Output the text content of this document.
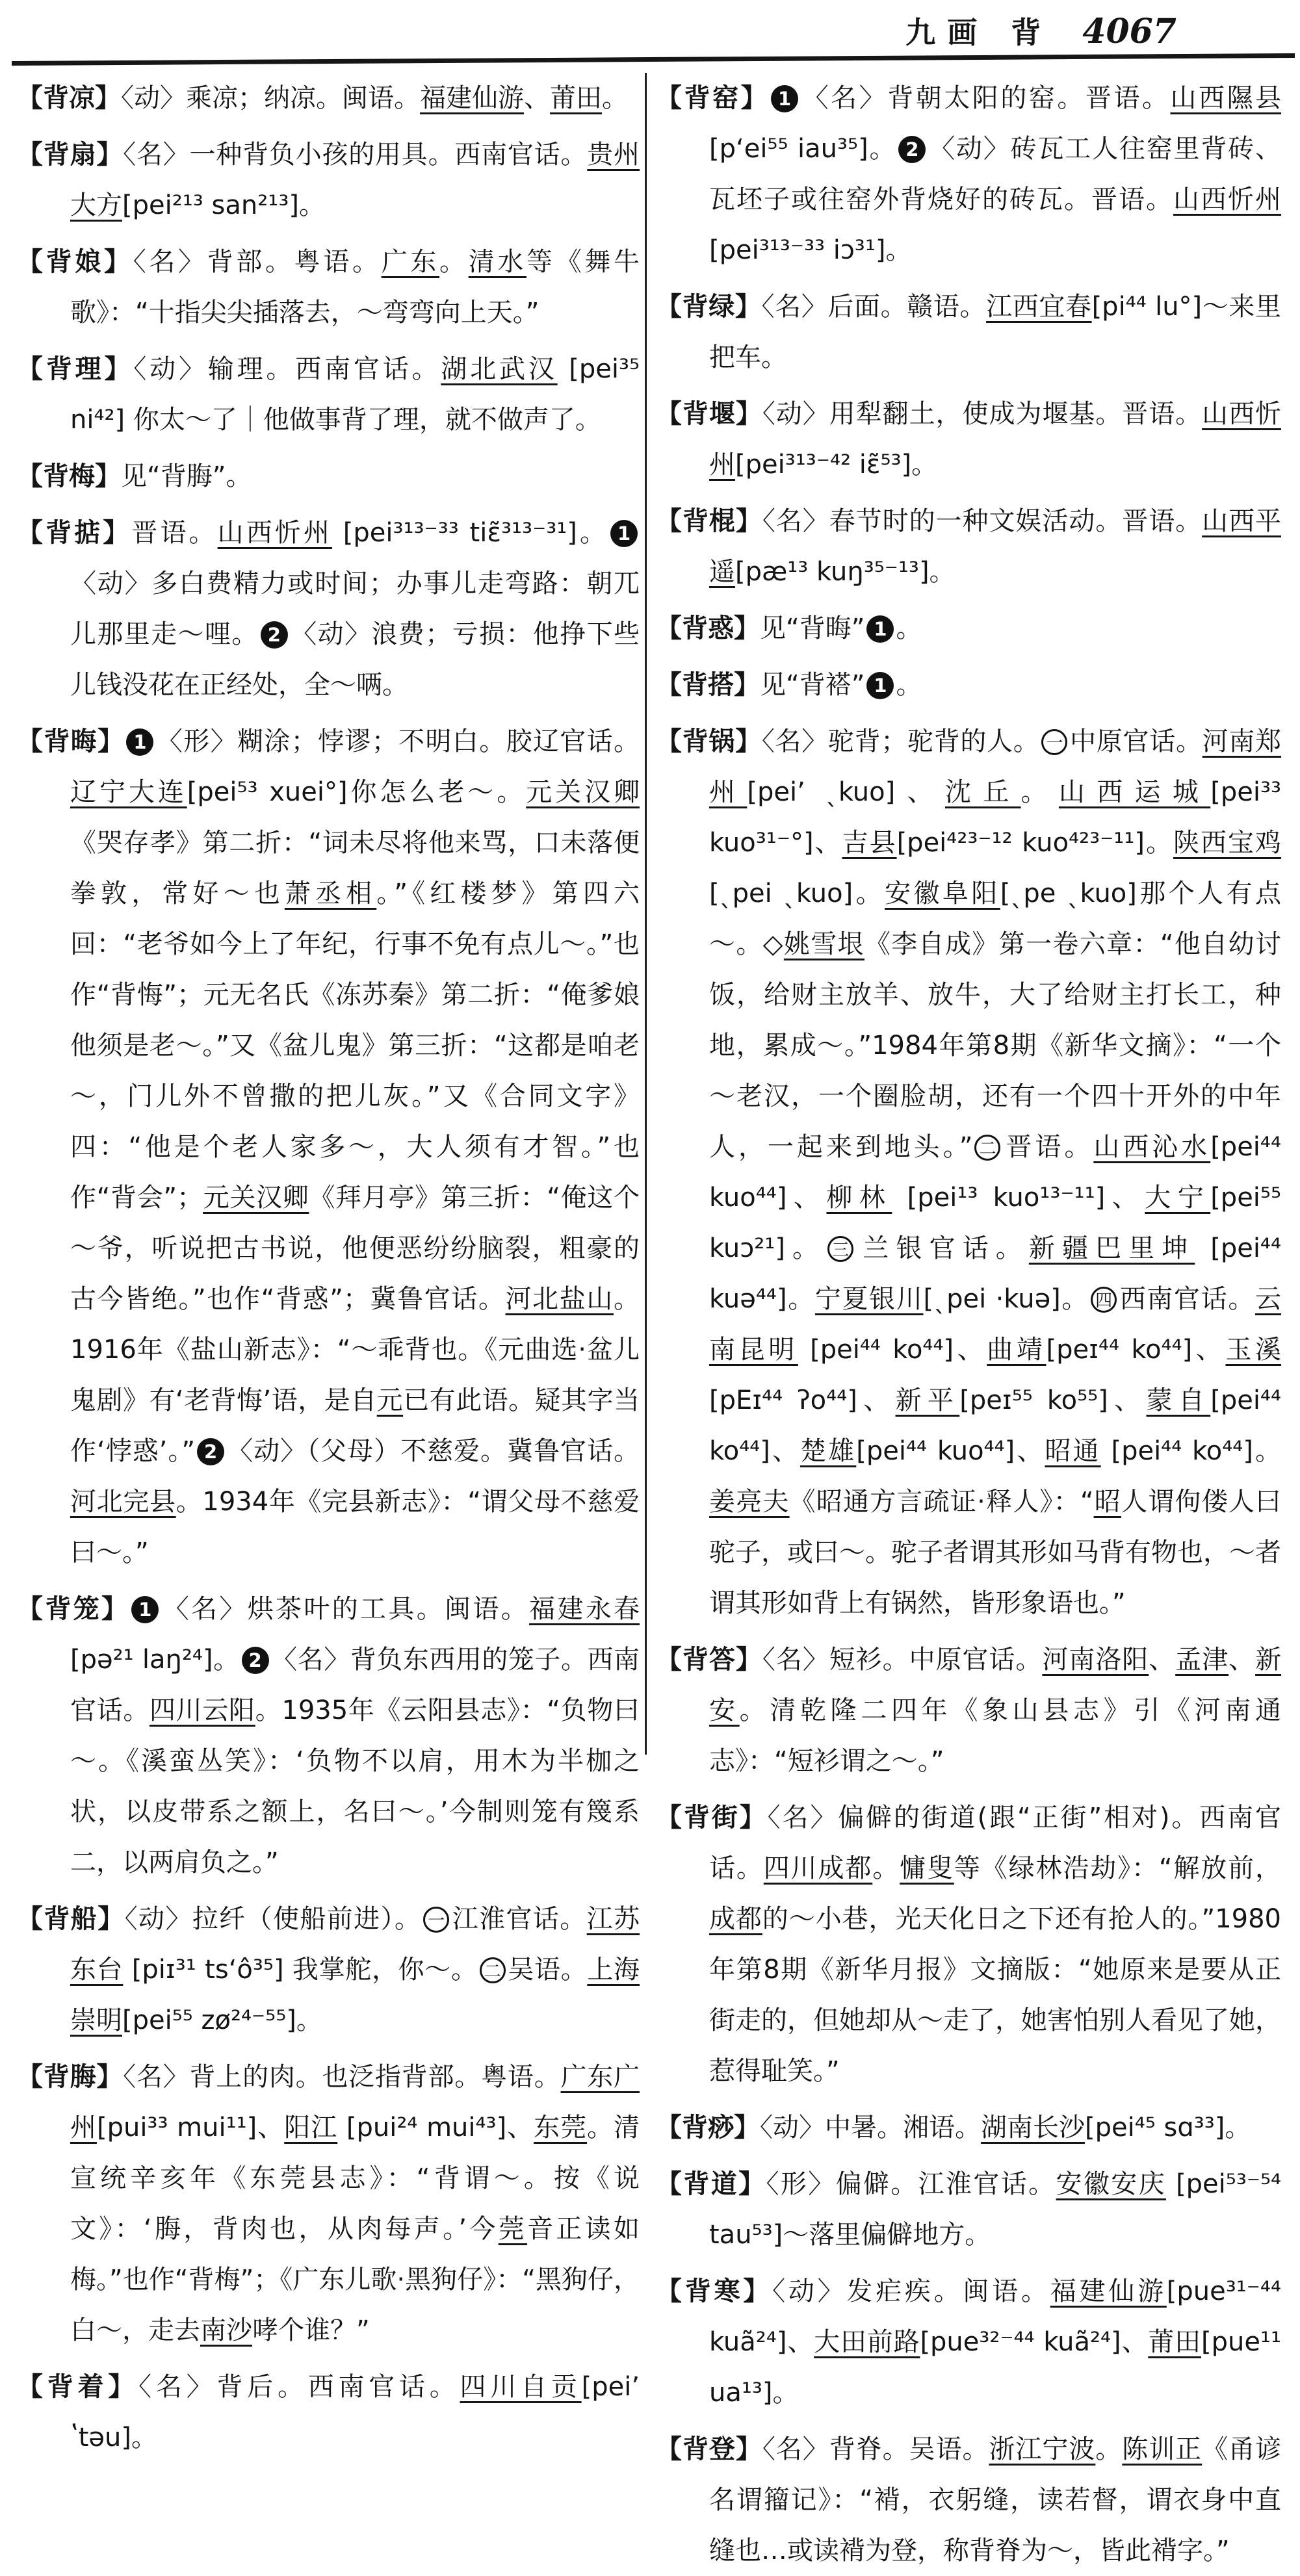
九画 背 4067

【 背凉 】 〈动〉乘凉；纳凉。闽语。福建仙游、莆田。

【 背扇 】 〈名〉一种背负小孩的用具。西南官话。贵州大方[pei²¹³ san²¹³]。

【 背娘 】 〈名〉背部。粤语。广东。清水等《舞牛歌》：“十指尖尖插落去，～弯弯向上天。”

【 背理 】 〈动〉输理。西南官话。湖北武汉 [pei³⁵ ni⁴²] 你太～了｜他做事背了理，就不做声了。

【 背梅 】 见“背脢”。

【 背掂 】 晋语。山西忻州 [pei³¹³⁻³³ tiɛ̃³¹³⁻³¹]。 1〈动〉多白费精力或时间；办事儿走弯路：朝兀儿那里走～哩。 2 〈动〉浪费；亏损：他挣下些儿钱没花在正经处，全～唡。

【 背晦 】 1 〈形〉糊涂；悖谬；不明白。胶辽官话。辽宁大连[pei⁵³ xuei°]你怎么老～。元关汉卿《哭存孝》第二折：“词未尽将他来骂，口未落便拳敦，常好～也萧丞相。”《红楼梦》第四六回：“老爷如今上了年纪，行事不免有点儿～。”也作“背悔”；元无名氏《冻苏秦》第二折：“俺爹娘他须是老～。”又《盆儿鬼》第三折：“这都是咱老～，门儿外不曾撒的把儿灰。”又《合同文字》四：“他是个老人家多～，大人须有才智。”也作“背会”；元关汉卿《拜月亭》第三折：“俺这个～爷，听说把古书说，他便恶纷纷脑裂，粗豪的古今皆绝。”也作“背惑”；冀鲁官话。河北盐山。1916年《盐山新志》：“～乖背也。《元曲选·盆儿鬼剧》有‘老背悔’语，是自元已有此语。疑其字当作‘悖惑’。” 2 〈动〉（父母）不慈爱。冀鲁官话。河北完县。1934年《完县新志》：“谓父母不慈爱曰～。”

【 背笼 】 1 〈名〉烘茶叶的工具。闽语。福建永春 [pə²¹ laŋ²⁴]。 2 〈名〉背负东西用的笼子。西南官话。四川云阳。1935年《云阳县志》：“负物曰～。《溪蛮丛笑》：‘负物不以肩，用木为半枷之状，以皮带系之额上，名曰～。’今制则笼有篾系二，以两肩负之。”

【 背船 】 〈动〉拉纤（使船前进）。 一 江淮官话。江苏东台 [piɪ³¹ ts‘ô³⁵] 我掌舵，你～。 二 吴语。上海崇明[pei⁵⁵ zø²⁴⁻⁵⁵]。

【 背脢 】 〈名〉背上的肉。也泛指背部。粤语。广东广州[pui³³ mui¹¹]、阳江 [pui²⁴ mui⁴³]、东莞。清宣统辛亥年《东莞县志》：“背谓～。按《说文》：‘脢，背肉也，从肉每声。’今莞音正读如梅。”也作“背梅”；《广东儿歌·黑狗仔》：“黑狗仔，白～，走去南沙哮个谁？”

【 背着 】 〈名〉背后。西南官话。四川自贡[peiʼ ʽtəu]。

【 背窑 】 1 〈名〉背朝太阳的窑。晋语。山西隰县 [p‘ei⁵⁵ iau³⁵]。 2 〈动〉砖瓦工人往窑里背砖、瓦坯子或往窑外背烧好的砖瓦。晋语。山西忻州[pei³¹³⁻³³ iɔ³¹]。

【 背绿 】 〈名〉后面。赣语。江西宜春[pi⁴⁴ lu°]～来里把车。

【 背堰 】 〈动〉用犁翻土，使成为堰基。晋语。山西忻州[pei³¹³⁻⁴² iɛ̃⁵³]。

【 背棍 】 〈名〉春节时的一种文娱活动。晋语。山西平遥[pæ¹³ kuŋ³⁵⁻¹³]。

【 背惑 】 见“背晦” 1 。

【 背搭 】 见“背褡” 1 。

【 背锅 】 〈名〉驼背；驼背的人。 一 中原官话。河南郑州[peiʼ ˎkuo]、沈丘。山西运城[pei³³ kuo³¹⁻°]、吉县[pei⁴²³⁻¹² kuo⁴²³⁻¹¹]。陕西宝鸡[ˎpei ˎkuo]。安徽阜阳[ˎpe ˎkuo]那个人有点～。◇姚雪垠《李自成》第一卷六章：“他自幼讨饭，给财主放羊、放牛，大了给财主打长工，种地，累成～。”1984年第8期《新华文摘》：“一个～老汉，一个圈脸胡，还有一个四十开外的中年人，一起来到地头。” 二 晋语。山西沁水[pei⁴⁴ kuo⁴⁴]、柳林 [pei¹³ kuo¹³⁻¹¹]、大宁[pei⁵⁵ kuɔ²¹]。 三 兰银官话。新疆巴里坤 [pei⁴⁴ kuə⁴⁴]。宁夏银川[ˎpei ·kuə]。 四 西南官话。云南昆明 [pei⁴⁴ ko⁴⁴]、曲靖[peɪ⁴⁴ ko⁴⁴]、玉溪[pEɪ⁴⁴ ʔo⁴⁴]、新平[peɪ⁵⁵ ko⁵⁵]、蒙自[pei⁴⁴ ko⁴⁴]、楚雄[pei⁴⁴ kuo⁴⁴]、昭通 [pei⁴⁴ ko⁴⁴]。姜亮夫《昭通方言疏证·释人》：“昭人谓佝偻人曰驼子，或曰～。驼子者谓其形如马背有物也，～者谓其形如背上有锅然，皆形象语也。”

【 背答 】 〈名〉短衫。中原官话。河南洛阳、孟津、新安。清乾隆二四年《象山县志》引《河南通志》：“短衫谓之～。”

【 背街 】 〈名〉偏僻的街道(跟“正街”相对)。西南官话。四川成都。慵叟等《绿林浩劫》：“解放前，成都的～小巷，光天化日之下还有抢人的。”1980年第8期《新华月报》文摘版：“她原来是要从正街走的，但她却从～走了，她害怕别人看见了她，惹得耻笑。”

【 背痧 】 〈动〉中暑。湘语。湖南长沙[pei⁴⁵ sɑ³³]。

【 背道 】 〈形〉偏僻。江淮官话。安徽安庆 [pei⁵³⁻⁵⁴ tau⁵³]～落里偏僻地方。

【 背寒 】 〈动〉发疟疾。闽语。福建仙游[pue³¹⁻⁴⁴ kuã²⁴]、大田前路[pue³²⁻⁴⁴ kuã²⁴]、莆田[pue¹¹ ua¹³]。

【 背登 】 〈名〉背脊。吴语。浙江宁波。陈训正《甬谚名谓籀记》：“褙，衣躬缝，读若督，谓衣身中直缝也…或读褙为登，称背脊为～，皆此褙字。”
